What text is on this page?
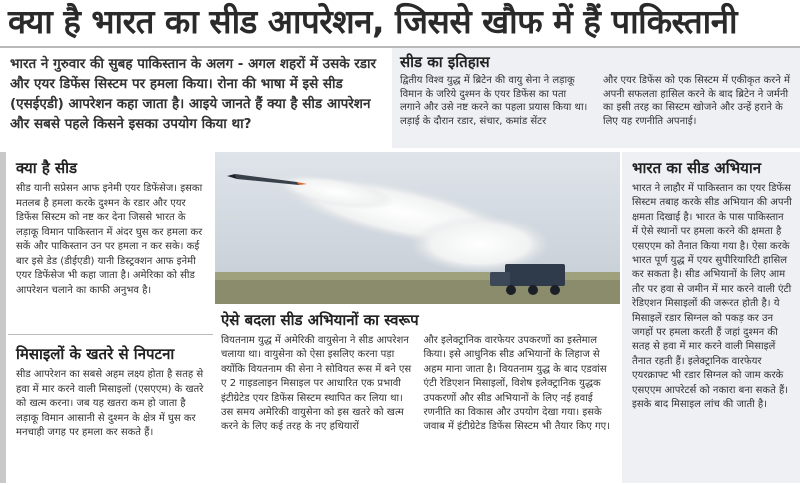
क्या है भारत का सीड आपरेशन, जिससे खौफ में हैं पाकिस्तानी

भारत ने गुरुवार की सुबह पाकिस्तान के अलग - अगल शहरों में उसके रडार और एयर डिफेंस सिस्टम पर हमला किया। रोना की भाषा में इसे सीड (एसईएडी) आपरेशन कहा जाता है। आइये जानते हैं क्या है सीड आपरेशन और सबसे पहले किसने इसका उपयोग किया था?

सीड का इतिहास

द्वितीय विश्व युद्ध में ब्रिटेन की वायु सेना ने लड़ाकू विमान के जरिये दुश्मन के एयर डिफेंस का पता लगाने और उसे नष्ट करने का पहला प्रयास किया था। लड़ाई के दौरान रडार, संचार, कमांड सेंटर

और एयर डिफेंस को एक सिस्टम में एकीकृत करने में अपनी सफलता हासिल करने के बाद ब्रिटेन ने जर्मनी का इसी तरह का सिस्टम खोजने और उन्हें हराने के लिए यह रणनीति अपनाई।

क्या है सीड

सीड यानी सप्रेसन आफ इनेमी एयर डिफेंसेज। इसका मतलब है हमला करके दुश्मन के रडार और एयर डिफेंस सिस्टम को नष्ट कर देना जिससे भारत के लड़ाकू विमान पाकिस्तान में अंदर घुस कर हमला कर सकें और पाकिस्तान उन पर हमला न कर सके। कई बार इसे डेड (डीईएडी) यानी डिस्ट्रक्शन आफ इनेमी एयर डिफेंसेज भी कहा जाता है। अमेरिका को सीड आपरेशन चलाने का काफी अनुभव है।

मिसाइलों के खतरे से निपटना

सीड आपरेशन का सबसे अहम लक्ष्य होता है सतह से हवा में मार करने वाली मिसाइलों (एसएएम) के खतरे को खत्म करना। जब यह खतरा कम हो जाता है लड़ाकू विमान आसानी से दुश्मन के क्षेत्र में घुस कर मनचाही जगह पर हमला कर सकते हैं।

ऐसे बदला सीड अभियानों का स्वरूप

वियतनाम युद्ध में अमेरिकी वायुसेना ने सीड आपरेशन चलाया था। वायुसेना को ऐसा इसलिए करना पड़ा क्योंकि वियतनाम की सेना ने सोवियत रूस में बने एस ए 2 गाइडलाइन मिसाइल पर आधारित एक प्रभावी इंटीग्रेटेड एयर डिफेंस सिस्टम स्थापित कर लिया था। उस समय अमेरिकी वायुसेना को इस खतरे को खत्म करने के लिए कई तरह के नए हथियारों

और इलेक्ट्रानिक वारफेयर उपकरणों का इस्तेमाल किया। इसे आधुनिक सीड अभियानों के लिहाज से अहम माना जाता है। वियतनाम युद्ध के बाद एडवांस एंटी रेडिएशन मिसाइलों, विशेष इलेक्ट्रानिक युद्धक उपकरणों और सीड अभियानों के लिए नई हवाई रणनीति का विकास और उपयोग देखा गया। इसके जवाब में इंटीग्रेटेड डिफेंस सिस्टम भी तैयार किए गए।

भारत का सीड अभियान

भारत ने लाहौर में पाकिस्तान का एयर डिफेंस सिस्टम तबाह करके सीड अभियान की अपनी क्षमता दिखाई है। भारत के पास पाकिस्तान में ऐसे स्थानों पर हमला करने की क्षमता है एसएएम को तैनात किया गया है। ऐसा करके भारत पूर्ण युद्ध में एयर सुपीरियारिटी हासिल कर सकता है। सीड अभियानों के लिए आम तौर पर हवा से जमीन में मार करने वाली एंटी रेडिएशन मिसाइलों की जरूरत होती है। ये मिसाइलें रडार सिग्नल को पकड़ कर उन जगहों पर हमला करती हैं जहां दुश्मन की सतह से हवा में मार करने वाली मिसाइलें तैनात रहती हैं। इलेक्ट्रानिक वारफेयर एयरक्राफ्ट भी रडार सिग्नल को जाम करके एसएएम आपरेटर्स को नकारा बना सकते हैं। इसके बाद मिसाइल लांच की जाती है।
